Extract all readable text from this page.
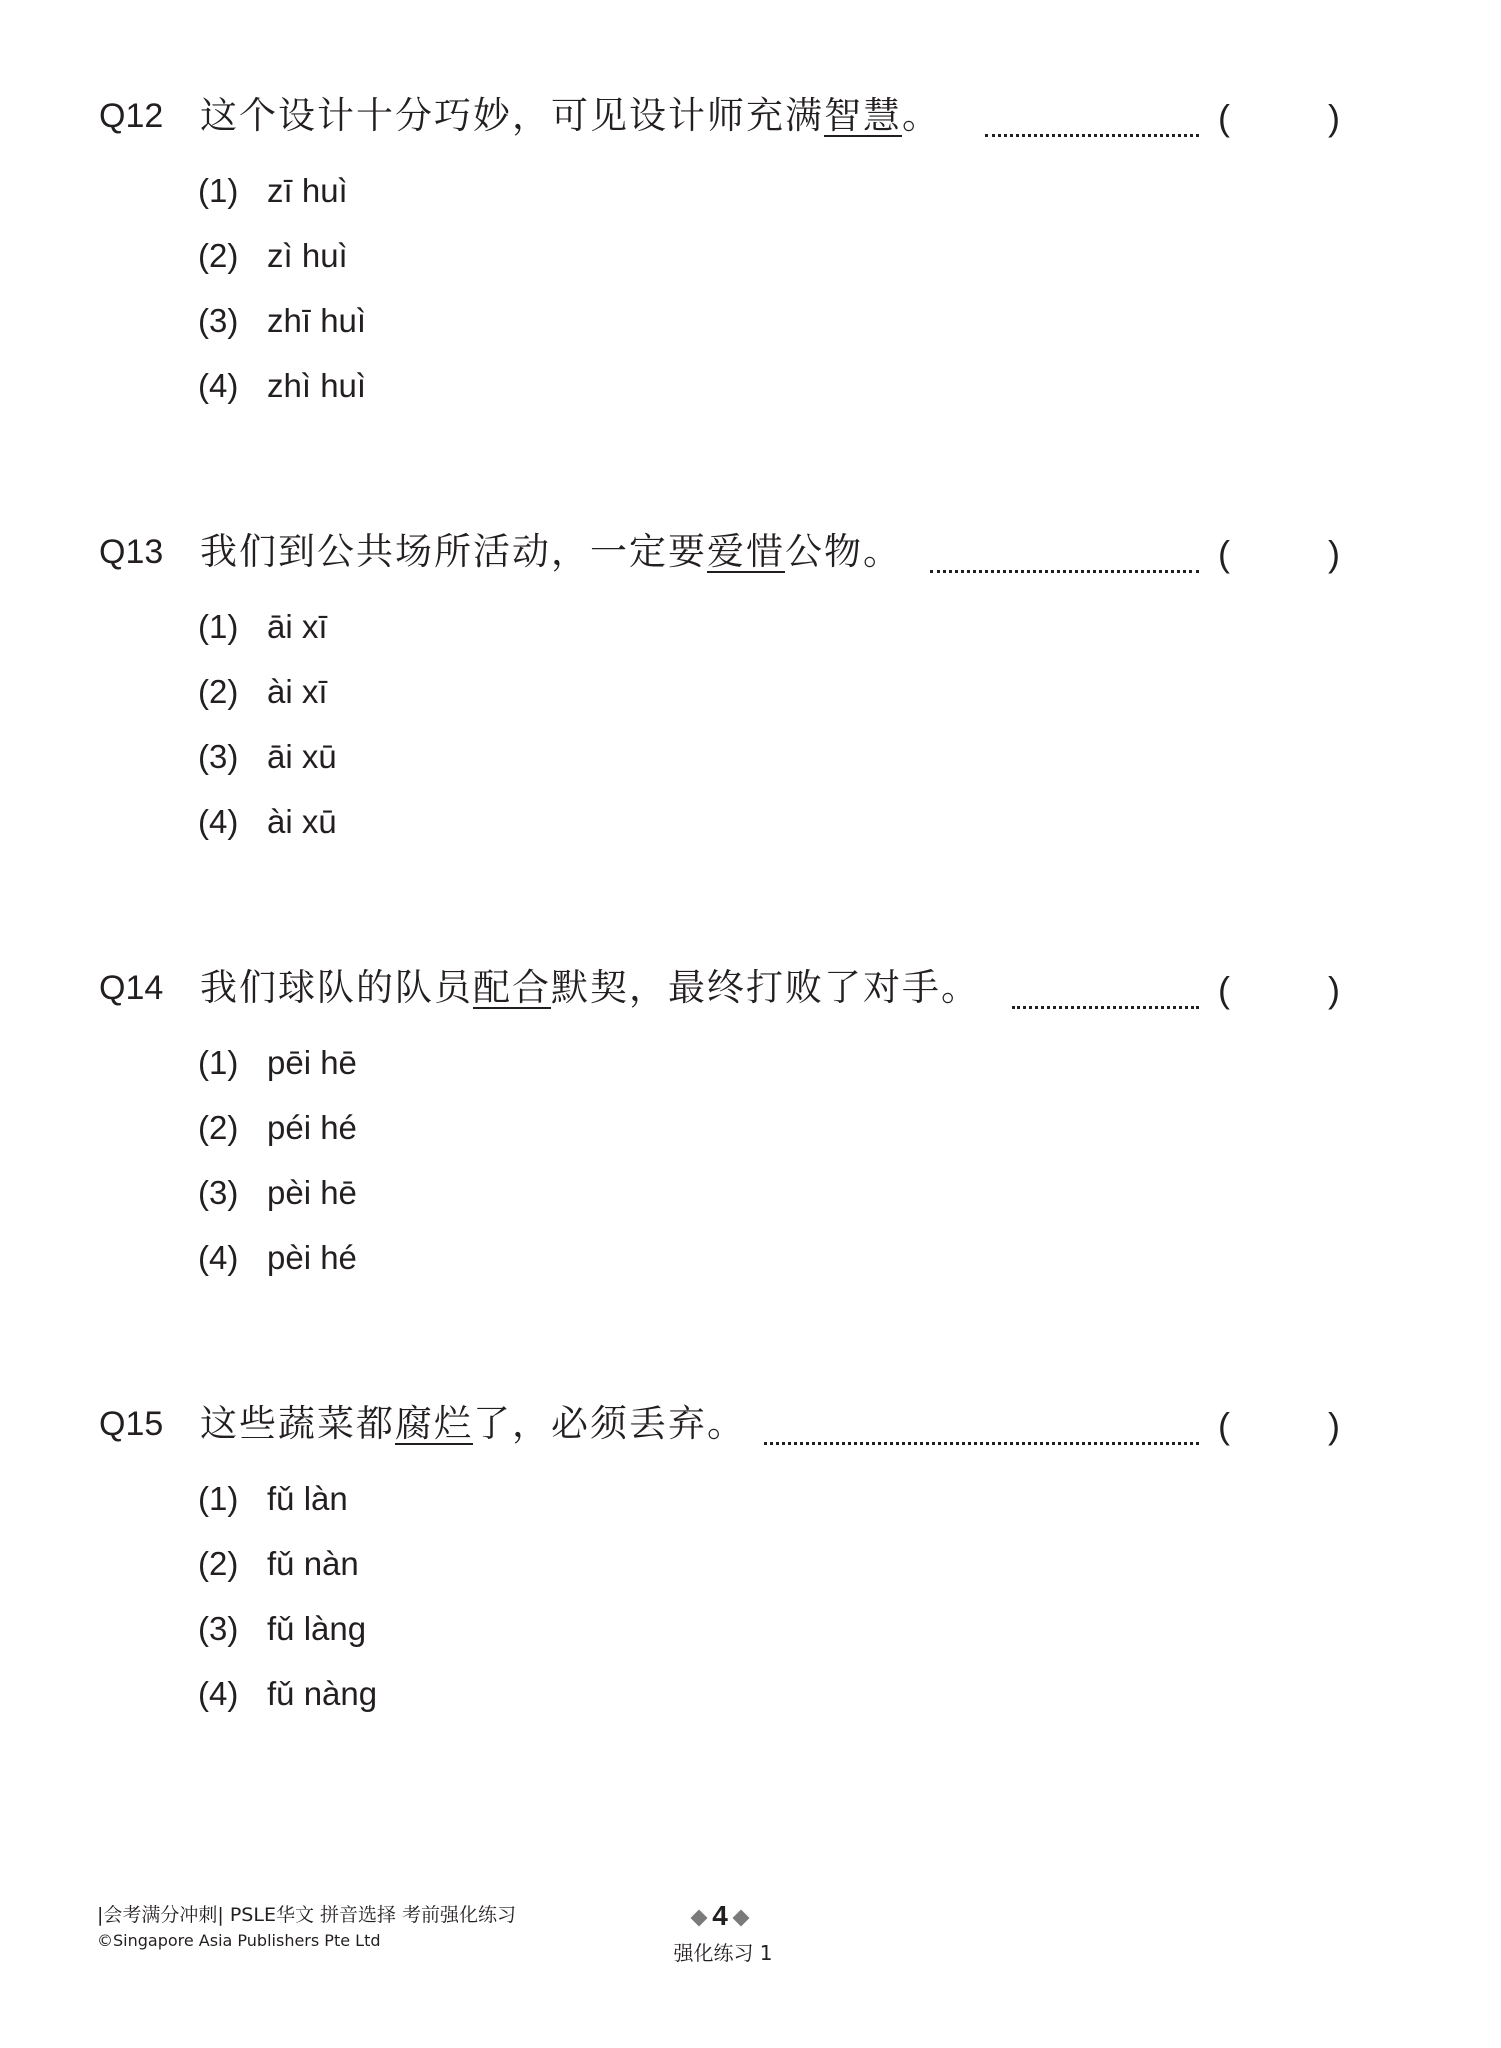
Q12 这个设计十分巧妙，可见设计师充满智慧。	(	)
(1) zī huì
(2) zì huì
(3) zhī huì
(4) zhì huì
Q13 我们到公共场所活动，一定要爱惜公物。	(	)
(1) āi xī
(2) ài xī
(3) āi xū
(4) ài xū
Q14 我们球队的队员配合默契，最终打败了对手。	(	)
(1) pēi hē
(2) péi hé
(3) pèi hē
(4) pèi hé
Q15 这些蔬菜都腐烂了，必须丢弃。	(	)
(1) fǔ làn
(2) fǔ nàn
(3) fǔ làng
(4) fǔ nàng
|会考满分冲刺| PSLE华文 拼音选择 考前强化练习
©Singapore Asia Publishers Pte Ltd
4
强化练习 1
